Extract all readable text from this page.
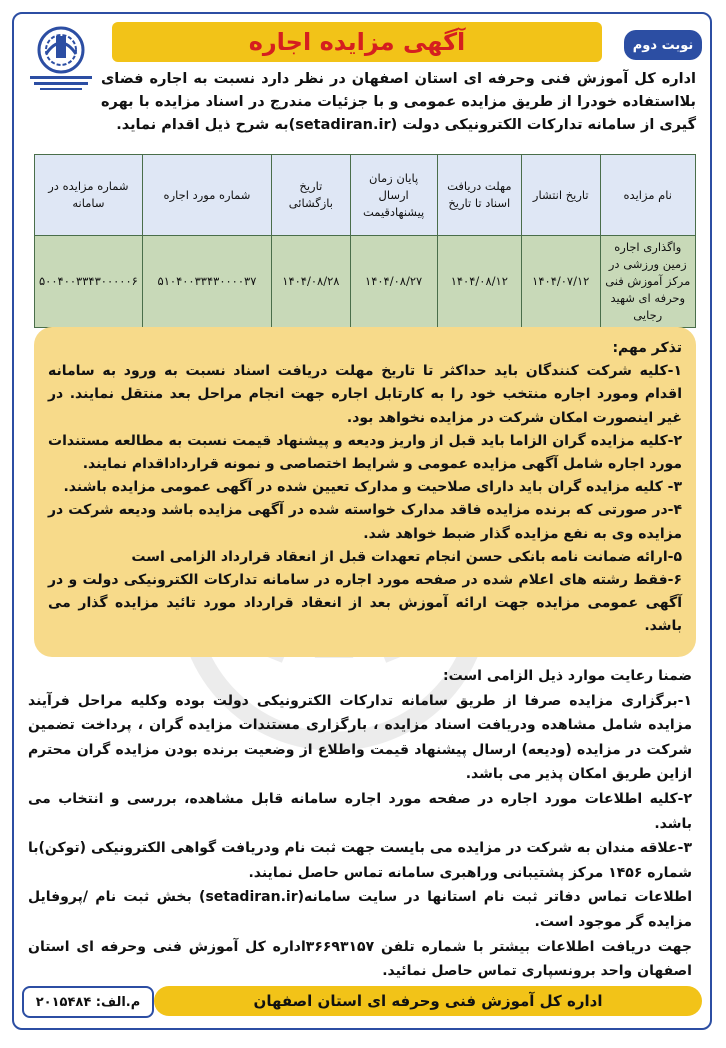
آگهی مزایده اجاره	نوبت دوم
اداره کل آموزش فنی وحرفه ای استان اصفهان در نظر دارد نسبت به اجاره فضای بلااستفاده خودرا از طریق مزایده عمومی و با جزئیات مندرج در اسناد مزایده با بهره گیری از سامانه تدارکات الکترونیکی دولت (setadiran.ir)به شرح ذیل اقدام نماید.
نام مزایده	تاریخ انتشار	مهلت دریافت اسناد تا تاریخ	پایان زمان ارسال پیشنهادقیمت	تاریخ بازگشائی	شماره مورد اجاره	شماره مزایده در سامانه
واگذاری اجاره زمین ورزشی در مرکز آموزش فنی وحرفه ای شهید رجایی	۱۴۰۴/۰۷/۱۲	۱۴۰۴/۰۸/۱۲	۱۴۰۴/۰۸/۲۷	۱۴۰۴/۰۸/۲۸	۵۱۰۴۰۰۳۳۴۳۰۰۰۰۳۷	۵۰۰۴۰۰۳۳۴۳۰۰۰۰۰۶

تذکر مهم:

۱-کلیه شرکت کنندگان باید حداکثر تا تاریخ مهلت دریافت اسناد نسبت به ورود به سامانه اقدام ومورد اجاره منتخب خود را به کارتابل اجاره جهت انجام مراحل بعد منتقل نمایند. در غیر اینصورت امکان شرکت در مزایده نخواهد بود.

۲-کلیه مزایده گران الزاما باید قبل از واریز ودیعه و پیشنهاد قیمت نسبت به مطالعه مستندات مورد اجاره شامل آگهی مزایده عمومی و شرایط اختصاصی و نمونه قرارداداقدام نمایند.

۳- کلیه مزایده گران باید دارای صلاحیت و مدارک تعیین شده در آگهی عمومی مزایده باشند.

۴-در صورتی که برنده مزایده فاقد مدارک خواسته شده در آگهی مزایده باشد ودیعه شرکت در مزایده وی به نفع مزایده گذار ضبط خواهد شد.

۵-ارائه ضمانت نامه بانکی حسن انجام تعهدات قبل از انعقاد قرارداد الزامی است

۶-فقط رشته های اعلام شده در صفحه مورد اجاره در سامانه تدارکات الکترونیکی دولت و در آگهی عمومی مزایده جهت ارائه آموزش بعد از انعقاد قرارداد مورد تائید مزایده گذار می باشد.

ضمنا رعایت موارد ذیل الزامی است:

۱-برگزاری مزایده صرفا از طریق سامانه تدارکات الکترونیکی دولت بوده وکلیه مراحل فرآیند مزایده شامل مشاهده ودریافت اسناد مزایده ، بارگزاری مستندات مزایده گران ، پرداخت تضمین شرکت در مزایده (ودیعه) ارسال پیشنهاد قیمت واطلاع از وضعیت برنده بودن مزایده گران محترم ازاین طریق امکان پذیر می باشد.

۲-کلیه اطلاعات مورد اجاره در صفحه مورد اجاره سامانه قابل مشاهده، بررسی و انتخاب می باشد.

۳-علاقه مندان به شرکت در مزایده می بایست جهت ثبت نام ودریافت گواهی الکترونیکی (توکن)با شماره ۱۴۵۶ مرکز پشتیبانی وراهبری سامانه تماس حاصل نمایند.

اطلاعات تماس دفاتر ثبت نام استانها در سایت سامانه(setadiran.ir) بخش ثبت نام /پروفایل مزایده گر موجود است.

جهت دریافت اطلاعات بیشتر با شماره تلفن ۳۶۶۹۳۱۵۷اداره کل آموزش فنی وحرفه ای استان اصفهان واحد برونسپاری تماس حاصل نمائید.

اداره کل آموزش فنی وحرفه ای استان اصفهان
م.الف: ۲۰۱۵۴۸۴
